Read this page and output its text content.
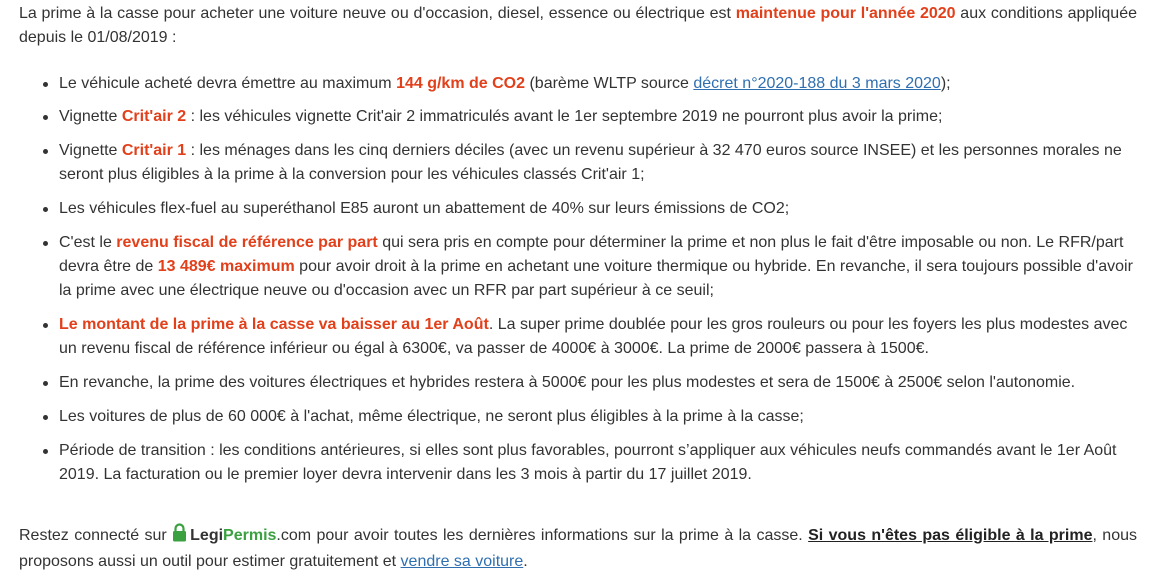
La prime à la casse pour acheter une voiture neuve ou d'occasion, diesel, essence ou électrique est maintenue pour l'année 2020 aux conditions appliquée depuis le 01/08/2019 :

Le véhicule acheté devra émettre au maximum 144 g/km de CO2 (barème WLTP source décret n°2020-188 du 3 mars 2020);
Vignette Crit'air 2 : les véhicules vignette Crit'air 2 immatriculés avant le 1er septembre 2019 ne pourront plus avoir la prime;
Vignette Crit'air 1 : les ménages dans les cinq derniers déciles (avec un revenu supérieur à 32 470 euros source INSEE) et les personnes morales ne seront plus éligibles à la prime à la conversion pour les véhicules classés Crit'air 1;
Les véhicules flex-fuel au superéthanol E85 auront un abattement de 40% sur leurs émissions de CO2;
C'est le revenu fiscal de référence par part qui sera pris en compte pour déterminer la prime et non plus le fait d'être imposable ou non. Le RFR/part devra être de 13 489€ maximum pour avoir droit à la prime en achetant une voiture thermique ou hybride. En revanche, il sera toujours possible d'avoir la prime avec une électrique neuve ou d'occasion avec un RFR par part supérieur à ce seuil;
Le montant de la prime à la casse va baisser au 1er Août. La super prime doublée pour les gros rouleurs ou pour les foyers les plus modestes avec un revenu fiscal de référence inférieur ou égal à 6300€, va passer de 4000€ à 3000€. La prime de 2000€ passera à 1500€.
En revanche, la prime des voitures électriques et hybrides restera à 5000€ pour les plus modestes et sera de 1500€ à 2500€ selon l'autonomie.
Les voitures de plus de 60 000€ à l'achat, même électrique, ne seront plus éligibles à la prime à la casse;
Période de transition : les conditions antérieures, si elles sont plus favorables, pourront s’appliquer aux véhicules neufs commandés avant le 1er Août 2019. La facturation ou le premier loyer devra intervenir dans les 3 mois à partir du 17 juillet 2019.

Restez connecté sur LegiPermis.com pour avoir toutes les dernières informations sur la prime à la casse. Si vous n'êtes pas éligible à la prime, nous proposons aussi un outil pour estimer gratuitement et vendre sa voiture.
